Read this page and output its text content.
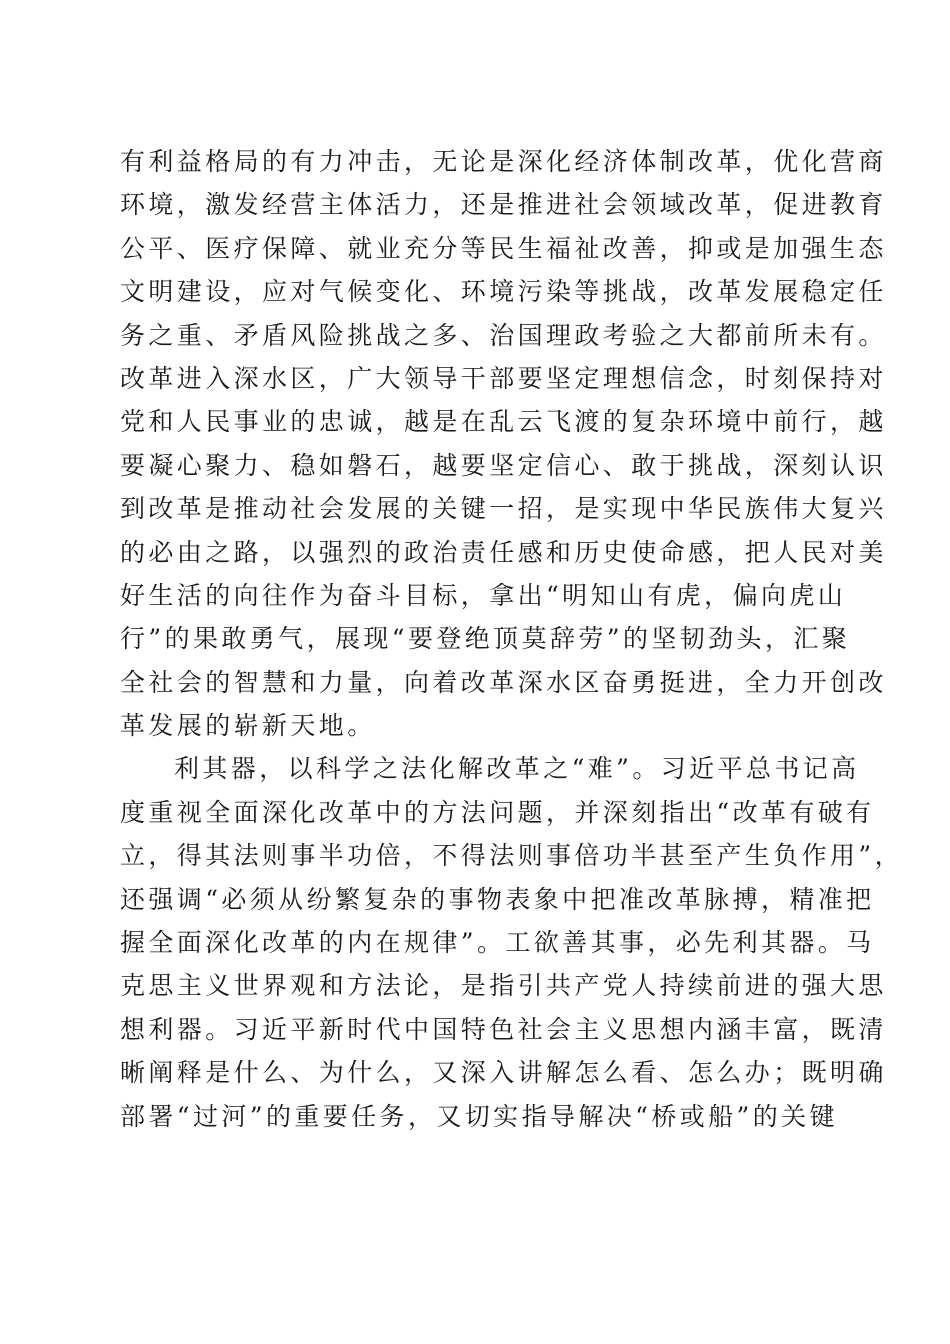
有利益格局的有力冲击，无论是深化经济体制改革，优化营商
环境，激发经营主体活力，还是推进社会领域改革，促进教育
公平、医疗保障、就业充分等民生福祉改善，抑或是加强生态
文明建设，应对气候变化、环境污染等挑战，改革发展稳定任
务之重、矛盾风险挑战之多、治国理政考验之大都前所未有。
改革进入深水区，广大领导干部要坚定理想信念，时刻保持对
党和人民事业的忠诚，越是在乱云飞渡的复杂环境中前行，越
要凝心聚力、稳如磐石，越要坚定信心、敢于挑战，深刻认识
到改革是推动社会发展的关键一招，是实现中华民族伟大复兴
的必由之路，以强烈的政治责任感和历史使命感，把人民对美
好生活的向往作为奋斗目标，拿出“明知山有虎，偏向虎山
行”的果敢勇气，展现“要登绝顶莫辞劳”的坚韧劲头，汇聚
全社会的智慧和力量，向着改革深水区奋勇挺进，全力开创改
革发展的崭新天地。
利其器，以科学之法化解改革之“难”。习近平总书记高
度重视全面深化改革中的方法问题，并深刻指出“改革有破有
立，得其法则事半功倍，不得法则事倍功半甚至产生负作用”，
还强调“必须从纷繁复杂的事物表象中把准改革脉搏，精准把
握全面深化改革的内在规律”。工欲善其事，必先利其器。马
克思主义世界观和方法论，是指引共产党人持续前进的强大思
想利器。习近平新时代中国特色社会主义思想内涵丰富，既清
晰阐释是什么、为什么，又深入讲解怎么看、怎么办；既明确
部署“过河”的重要任务，又切实指导解决“桥或船”的关键
